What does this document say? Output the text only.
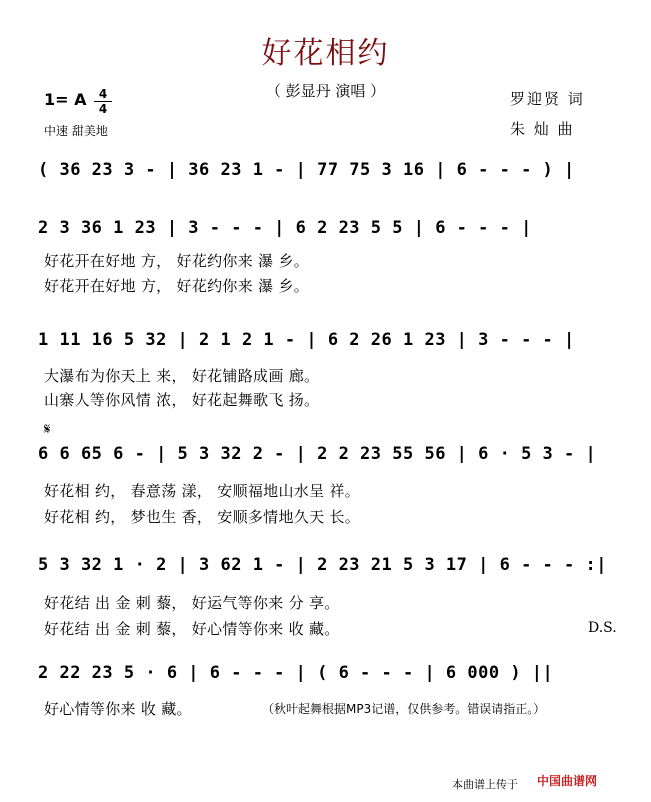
好花相约
（ 彭显丹 演唱 ）
1= A	4
4
中速 甜美地
罗迎贤 词
朱 灿 曲
( 36 23 3 - | 36 23 1 - | 77 75 3 16 | 6 - - - ) |
2 3 36 1 23 | 3 - - - | 6 2 23 5 5 | 6 - - - |
好花开在好地 方， 好花约你来 瀑 乡。
好花开在好地 方， 好花约你来 瀑 乡。
1 11 16 5 32 | 2 1 2 1 - | 6 2 26 1 23 | 3 - - - |
大瀑布为你天上 来， 好花铺路成画 廊。
山寨人等你风情 浓， 好花起舞歌飞 扬。
𝄋
6 6 65 6 - | 5 3 32 2 - | 2 2 23 55 56 | 6 · 5 3 - |
好花相 约， 春意荡 漾， 安顺福地山水呈 祥。
好花相 约， 梦也生 香， 安顺多情地久天 长。
5 3 32 1 · 2 | 3 62 1 - | 2 23 21 5 3 17 | 6 - - - :|
好花结 出 金 刺 藜， 好运气等你来 分 享。
好花结 出 金 刺 藜， 好心情等你来 收 藏。	D.S.
2 22 23 5 · 6 | 6 - - - | ( 6 - - - | 6 000 ) ||
好心情等你来 收 藏。	（秋叶起舞根据MP3记谱，仅供参考。错误请指正。）
本曲谱上传于 中国曲谱网
